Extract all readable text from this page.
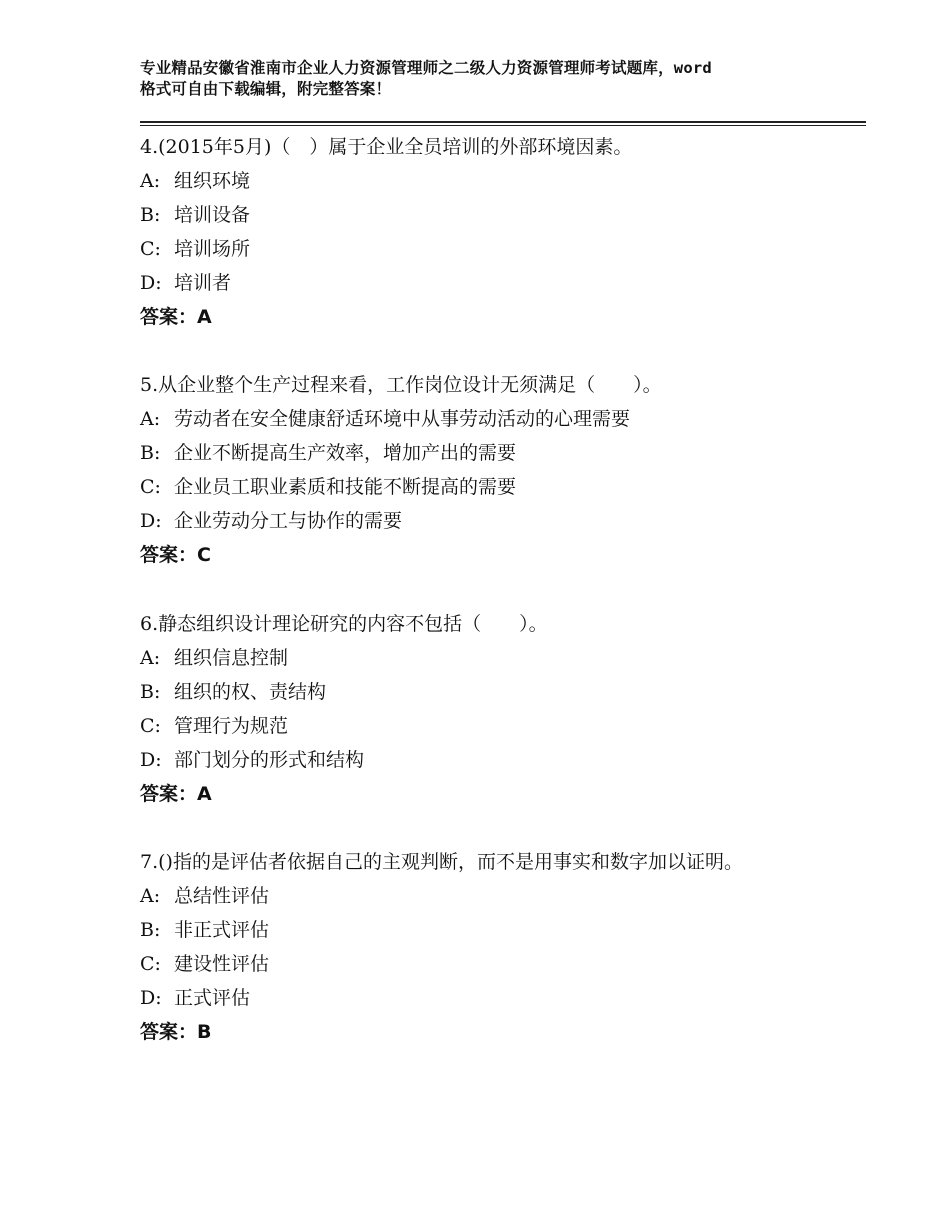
专业精品安徽省淮南市企业人力资源管理师之二级人力资源管理师考试题库，word
格式可自由下载编辑，附完整答案！
4.(2015年5月)（　）属于企业全员培训的外部环境因素。
A: 组织环境
B: 培训设备
C: 培训场所
D: 培训者
答案：A
5.从企业整个生产过程来看，工作岗位设计无须满足（　　）。
A: 劳动者在安全健康舒适环境中从事劳动活动的心理需要
B: 企业不断提高生产效率，增加产出的需要
C: 企业员工职业素质和技能不断提高的需要
D: 企业劳动分工与协作的需要
答案：C
6.静态组织设计理论研究的内容不包括（　　）。
A: 组织信息控制
B: 组织的权、责结构
C: 管理行为规范
D: 部门划分的形式和结构
答案：A
7.()指的是评估者依据自己的主观判断，而不是用事实和数字加以证明。
A: 总结性评估
B: 非正式评估
C: 建设性评估
D: 正式评估
答案：B
